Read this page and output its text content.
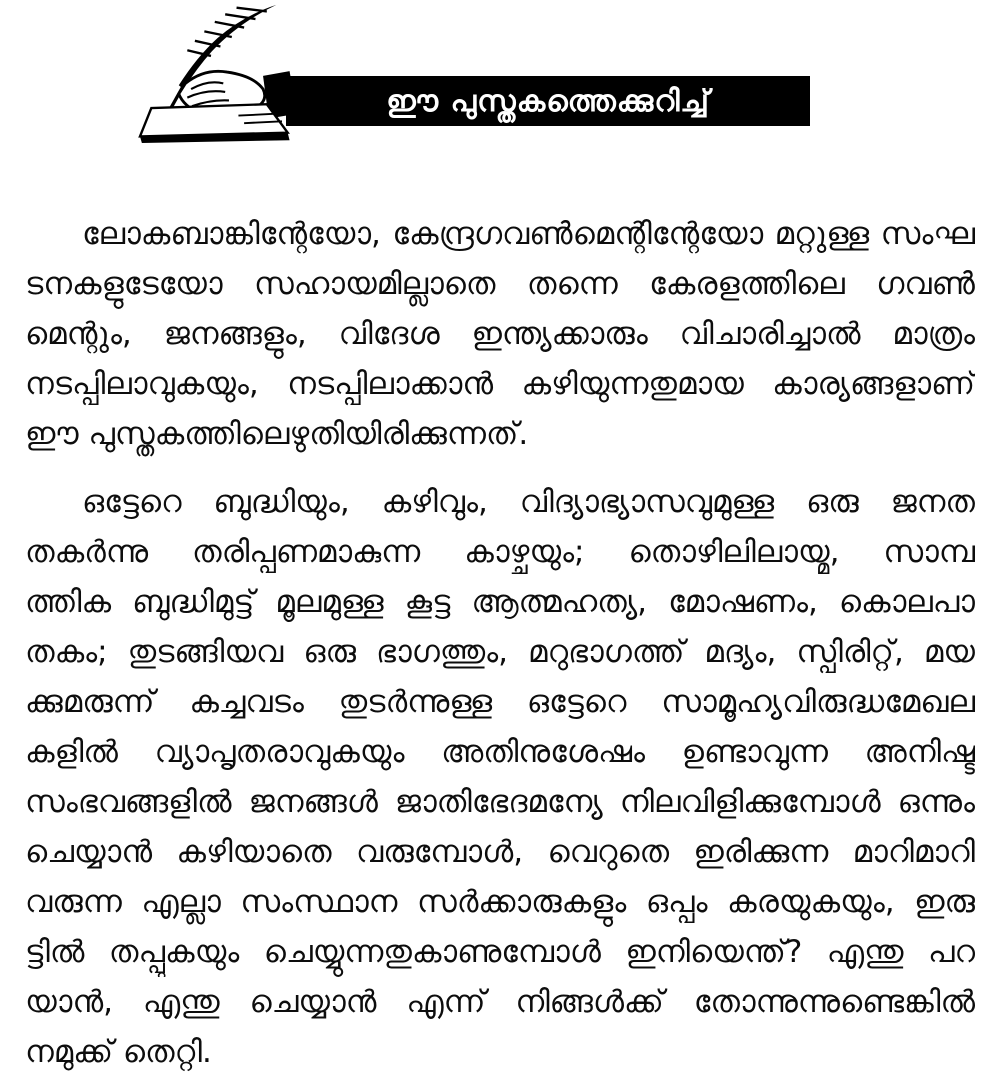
ഈ പുസ്തകത്തെക്കുറിച്ച്
ലോകബാങ്കിന്റേയോ, കേന്ദ്രഗവൺമെന്റിന്റേയോ മറ്റുള്ള സംഘ
ടനകളുടേയോ സഹായമില്ലാതെ തന്നെ കേരളത്തിലെ ഗവൺ
മെന്റും, ജനങ്ങളും, വിദേശ ഇന്ത്യക്കാരും വിചാരിച്ചാൽ മാത്രം
നടപ്പിലാവുകയും, നടപ്പിലാക്കാൻ കഴിയുന്നതുമായ കാര്യങ്ങളാണ്
ഈ പുസ്തകത്തിലെഴുതിയിരിക്കുന്നത്.
ഒട്ടേറെ ബുദ്ധിയും, കഴിവും, വിദ്യാഭ്യാസവുമുള്ള ഒരു ജനത
തകർന്നു തരിപ്പണമാകുന്ന കാഴ്ചയും; തൊഴിലിലായ്മ, സാമ്പ
ത്തിക ബുദ്ധിമുട്ട് മൂലമുള്ള കൂട്ട ആത്മഹത്യ, മോഷണം, കൊലപാ
തകം; തുടങ്ങിയവ ഒരു ഭാഗത്തും, മറുഭാഗത്ത് മദ്യം, സ്പിരിറ്റ്, മയ
ക്കുമരുന്ന് കച്ചവടം തുടർന്നുള്ള ഒട്ടേറെ സാമൂഹ്യവിരുദ്ധമേഖല
കളിൽ വ്യാപൃതരാവുകയും അതിനുശേഷം ഉണ്ടാവുന്ന അനിഷ്ട
സംഭവങ്ങളിൽ ജനങ്ങൾ ജാതിഭേദമന്യേ നിലവിളിക്കുമ്പോൾ ഒന്നും
ചെയ്യാൻ കഴിയാതെ വരുമ്പോൾ, വെറുതെ ഇരിക്കുന്ന മാറിമാറി
വരുന്ന എല്ലാ സംസ്ഥാന സർക്കാരുകളും ഒപ്പം കരയുകയും, ഇരു
ട്ടിൽ തപ്പുകയും ചെയ്യുന്നതുകാണുമ്പോൾ ഇനിയെന്ത്? എന്തു പറ
യാൻ, എന്തു ചെയ്യാൻ എന്ന് നിങ്ങൾക്ക് തോന്നുന്നുണ്ടെങ്കിൽ
നമുക്ക് തെറ്റി.
